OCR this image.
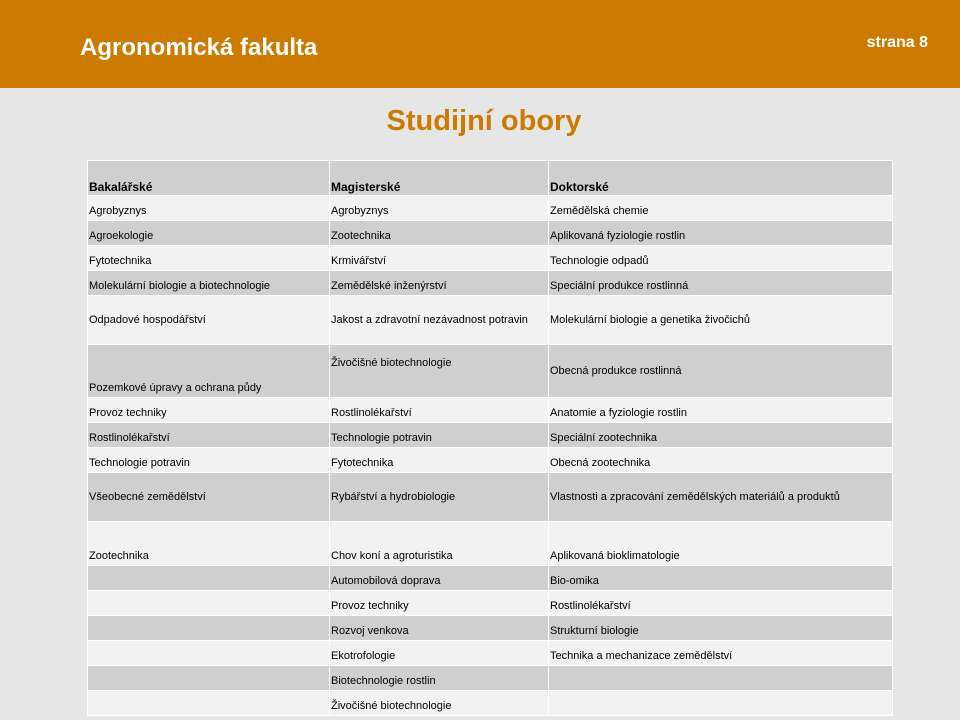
Agronomická fakulta	strana 8
Studijní obory
Bakalářské	Magisterské	Doktorské
Agrobyznys	Agrobyznys	Zemědělská chemie
Agroekologie	Zootechnika	Aplikovaná fyziologie rostlin
Fytotechnika	Krmivářství	Technologie odpadů
Molekulární biologie a biotechnologie	Zemědělské inženýrství	Speciální produkce rostlinná
Odpadové hospodářství	Jakost a zdravotní nezávadnost potravin	Molekulární biologie a genetika živočichů
Pozemkové úpravy a ochrana půdy	Živočišné biotechnologie	Obecná produkce rostlinná
Provoz techniky	Rostlinolékařství	Anatomie a fyziologie rostlin
Rostlinolékařství	Technologie potravin	Speciální zootechnika
Technologie potravin	Fytotechnika	Obecná zootechnika
Všeobecné zemědělství	Rybářství a hydrobiologie	Vlastnosti a zpracování zemědělských materiálů a produktů
Zootechnika	Chov koní a agroturistika	Aplikovaná bioklimatologie
	Automobilová doprava	Bio-omika
	Provoz techniky	Rostlinolékařství
	Rozvoj venkova	Strukturní biologie
	Ekotrofologie	Technika a mechanizace zemědělství
	Biotechnologie rostlin	
	Živočišné biotechnologie	
